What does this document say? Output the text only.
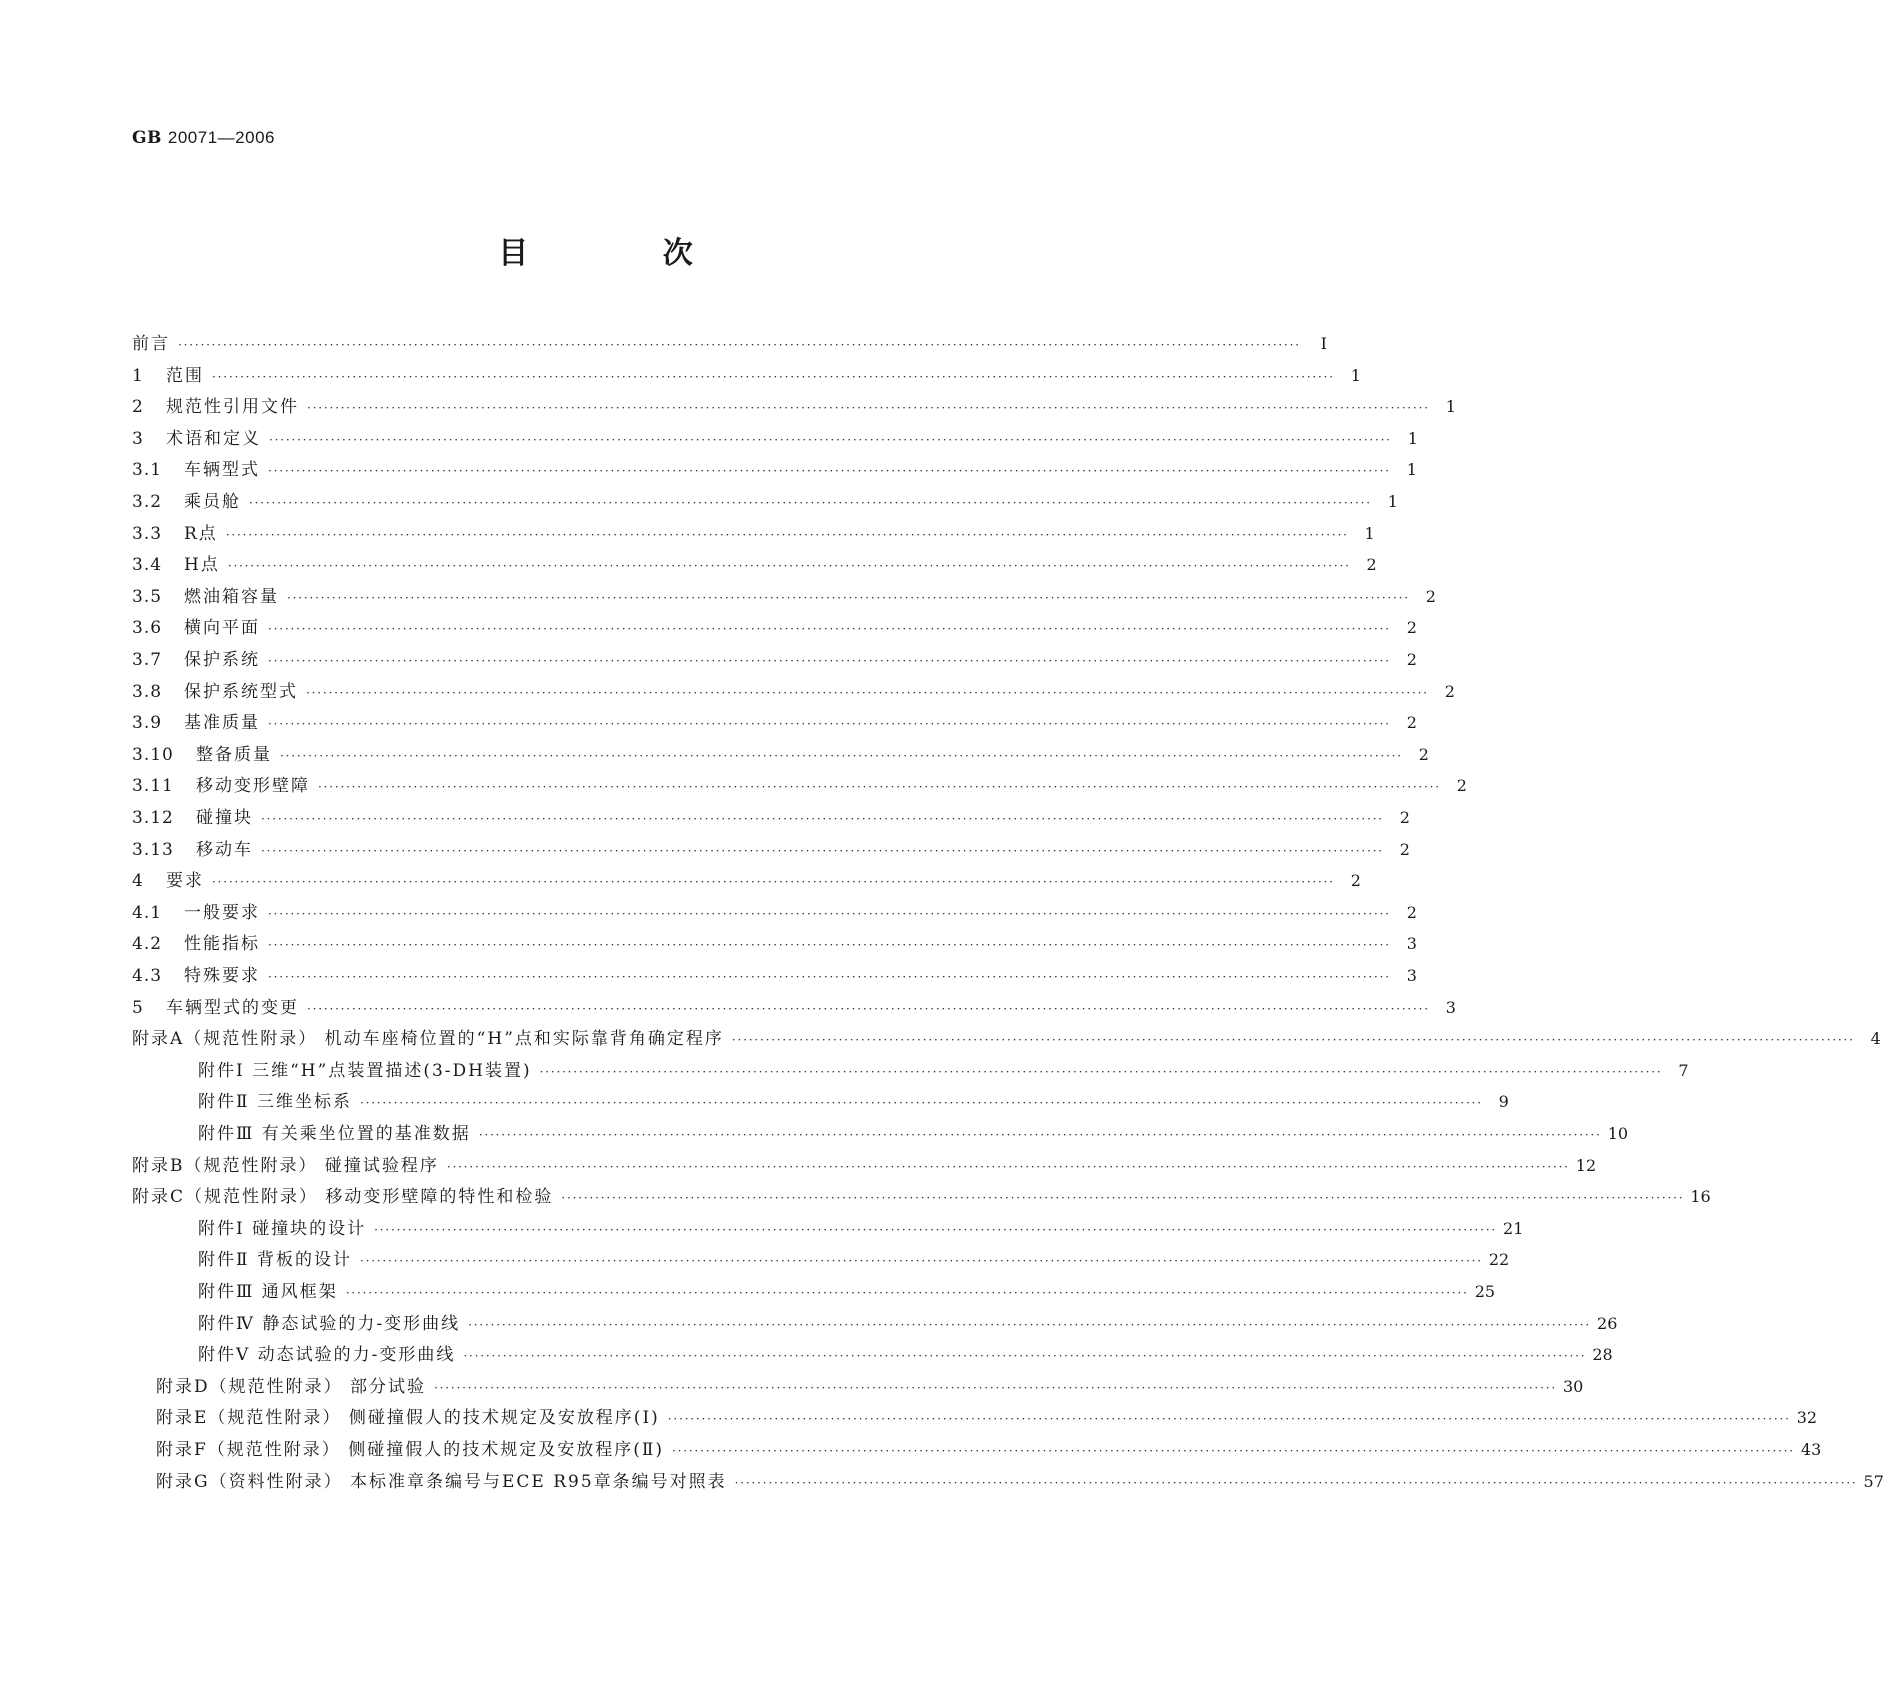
GB 20071—2006
目 次
前言 ········································································································································································································	Ⅰ
1	范围 ········································································································································································································ 1
2	规范性引用文件 ········································································································································································································ 1
3	术语和定义 ········································································································································································································ 1
3.1	车辆型式 ········································································································································································································ 1
3.2	乘员舱 ········································································································································································································ 1
3.3	R点 ········································································································································································································ 1
3.4	H点 ········································································································································································································ 2
3.5	燃油箱容量 ········································································································································································································ 2
3.6	横向平面 ········································································································································································································ 2
3.7	保护系统 ········································································································································································································ 2
3.8	保护系统型式 ········································································································································································································ 2
3.9	基准质量 ········································································································································································································ 2
3.10	整备质量 ········································································································································································································ 2
3.11	移动变形壁障 ········································································································································································································ 2
3.12	碰撞块 ········································································································································································································ 2
3.13	移动车 ········································································································································································································ 2
4	要求 ········································································································································································································ 2
4.1	一般要求 ········································································································································································································ 2
4.2	性能指标 ········································································································································································································ 3
4.3	特殊要求 ········································································································································································································ 3
5	车辆型式的变更 ········································································································································································································ 3
附录A（规范性附录） 机动车座椅位置的“H”点和实际靠背角确定程序 ········································································································································································································ 4
附件Ⅰ 三维“H”点装置描述(3-DH装置) ········································································································································································································ 7
附件Ⅱ 三维坐标系 ········································································································································································································ 9
附件Ⅲ 有关乘坐位置的基准数据 ········································································································································································································ 10
附录B（规范性附录） 碰撞试验程序 ········································································································································································································ 12
附录C（规范性附录） 移动变形壁障的特性和检验 ········································································································································································································ 16
附件Ⅰ 碰撞块的设计 ········································································································································································································ 21
附件Ⅱ 背板的设计 ········································································································································································································ 22
附件Ⅲ 通风框架 ········································································································································································································ 25
附件Ⅳ 静态试验的力-变形曲线 ········································································································································································································ 26
附件Ⅴ 动态试验的力-变形曲线 ········································································································································································································ 28
附录D（规范性附录） 部分试验 ········································································································································································································ 30
附录E（规范性附录） 侧碰撞假人的技术规定及安放程序(Ⅰ) ········································································································································································································ 32
附录F（规范性附录） 侧碰撞假人的技术规定及安放程序(Ⅱ) ········································································································································································································ 43
附录G（资料性附录） 本标准章条编号与ECE R95章条编号对照表 ········································································································································································································ 57
